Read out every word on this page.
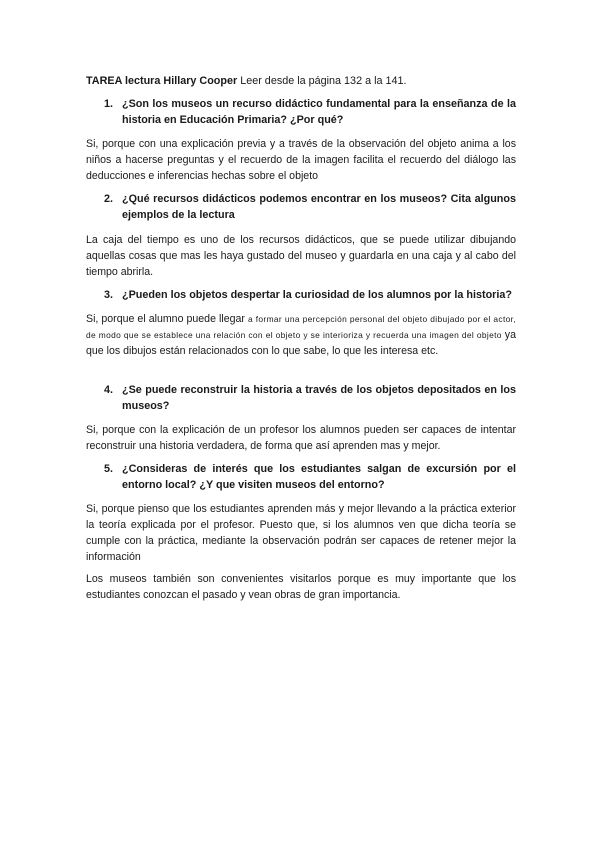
TAREA lectura Hillary Cooper Leer desde la página 132 a la 141.
1. ¿Son los museos un recurso didáctico fundamental para la enseñanza de la historia en Educación Primaria? ¿Por qué?
Si, porque con una explicación previa y a través de la observación del objeto anima a los niños a hacerse preguntas y el recuerdo de la imagen facilita el recuerdo del diálogo las deducciones e inferencias hechas sobre el objeto
2. ¿Qué recursos didácticos podemos encontrar en los museos? Cita algunos ejemplos de la lectura
La caja del tiempo es uno de los recursos didácticos, que se puede utilizar dibujando aquellas cosas que mas les haya gustado del museo y guardarla en una caja y al cabo del tiempo abrirla.
3. ¿Pueden los objetos despertar la curiosidad de los alumnos por la historia?
Si, porque el alumno puede llegar a formar una percepción personal del objeto dibujado por el actor, de modo que se establece una relación con el objeto y se interioriza y recuerda una imagen del objeto ya que los dibujos están relacionados con lo que sabe, lo que les interesa etc.
4. ¿Se puede reconstruir la historia a través de los objetos depositados en los museos?
Si, porque con la explicación de un profesor los alumnos pueden ser capaces de intentar reconstruir una historia verdadera, de forma que así aprenden mas y mejor.
5. ¿Consideras de interés que los estudiantes salgan de excursión por el entorno local? ¿Y que visiten museos del entorno?
Si, porque pienso que los estudiantes aprenden más y mejor llevando a la práctica exterior la teoría explicada por el profesor. Puesto que, si los alumnos ven que dicha teoría se cumple con la práctica, mediante la observación podrán ser capaces de retener mejor la información
Los museos también son convenientes visitarlos porque es muy importante que los estudiantes conozcan el pasado y vean obras de gran importancia.
